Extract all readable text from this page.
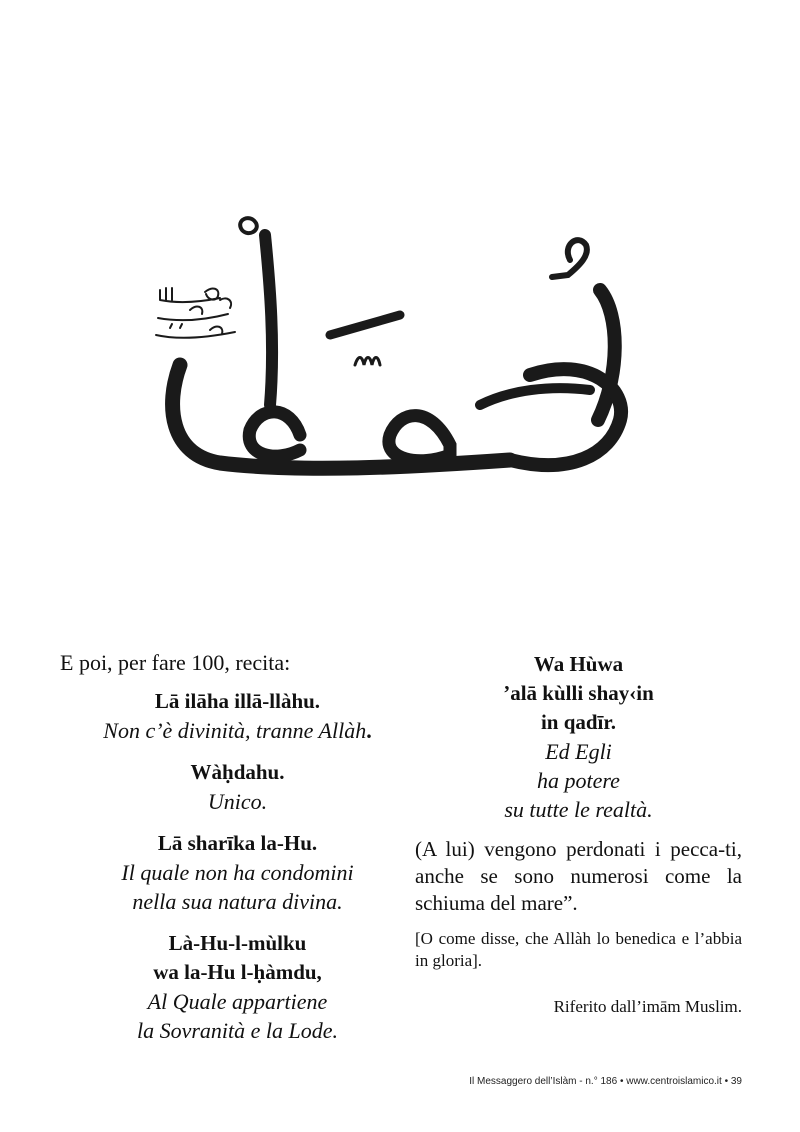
E poi, per fare 100, recita:
Lā ilāha illā-llàhu.
Non c’è divinità, tranne Allàh.
Wàḥdahu.
Unico.
Lā sharīka la-Hu.
Il quale non ha condomini
nella sua natura divina.
Là-Hu-l-mùlku
wa la-Hu l-ḥàmdu,
Al Quale appartiene
la Sovranità e la Lode.
Wa Hùwa
’alā kùlli shay‹in
in qadīr.
Ed Egli
ha potere
su tutte le realtà.

(A lui) vengono perdonati i pecca-ti, anche se sono numerosi come la schiuma del mare”.

[O come disse, che Allàh lo benedica e l’abbia in gloria].

Riferito dall’imām Muslim.
Il Messaggero dell’Islàm - n.° 186 • www.centroislamico.it • 39
